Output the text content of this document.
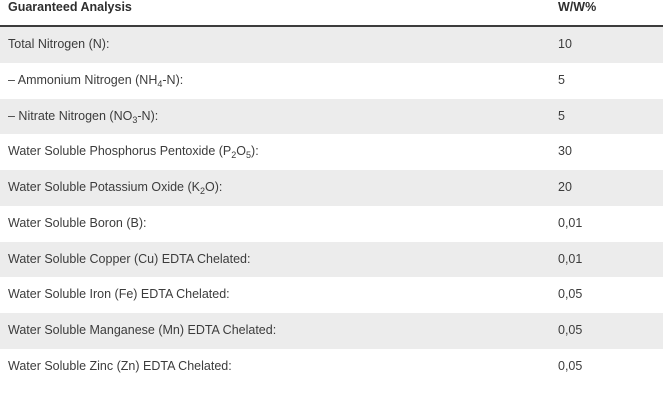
Guaranteed Analysis	W/W%
Total Nitrogen (N):	10
– Ammonium Nitrogen $(NH_4-N)$:	5
– Nitrate Nitrogen $(NO_3-N)$:	5
Water Soluble Phosphorus Pentoxide $(P_2O_5)$:	30
Water Soluble Potassium Oxide $(K_2O)$:	20
Water Soluble Boron (B):	0,01
Water Soluble Copper (Cu) EDTA Chelated:	0,01
Water Soluble Iron (Fe) EDTA Chelated:	0,05
Water Soluble Manganese (Mn) EDTA Chelated:	0,05
Water Soluble Zinc (Zn) EDTA Chelated:	0,05
